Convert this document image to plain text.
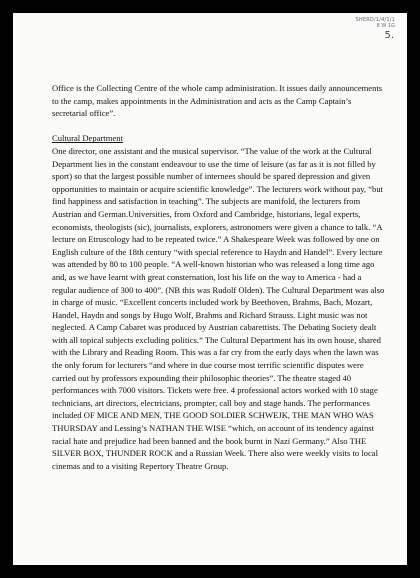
SHERD/1/4/1/1
8 W 1G
5.

Office is the Collecting Centre of the whole camp administration. It issues daily announcements to the camp, makes appointments in the Administration and acts as the Camp Captain’s secretarial office”.

Cultural Department

One director, one assistant and the musical supervisor. “The value of the work at the Cultural Department lies in the constant endeavour to use the time of leisure (as far as it is not filled by sport) so that the largest possible number of internees should be spared depression and given opportunities to maintain or acquire scientific knowledge”. The lecturers work without pay, “but find happiness and satisfaction in teaching”. The subjects are manifold, the lecturers from Austrian and German.Universities, from Oxford and Cambridge, historians, legal experts, economists, theologists (sic), journalists, explorers, astronomers were given a chance to talk. “A lecture on Etruscology had to be repeated twice.” A Shakespeare Week was followed by one on English culture of the 18th century “with special reference to Haydn and Handel”. Every lecture was attended by 80 to 100 people. “A well-known historian who was released a long time ago and, as we have learnt with great consternation, lost his life on the way to America - had a regular audience of 300 to 400”. (NB this was Rudolf Olden). The Cultural Department was also in charge of music. “Excellent concerts included work by Beethoven, Brahms, Bach, Mozart, Handel, Haydn and songs by Hugo Wolf, Brahms and Richard Strauss. Light music was not neglected. A Camp Cabaret was produced by Austrian cabarettists. The Debating Society dealt with all topical subjects excluding politics.” The Cultural Department has its own house, shared with the Library and Reading Room. This was a far cry from the early days when the lawn was the only forum for lecturers “and where in due course most terrific scientific disputes were carried out by professors expounding their philosophic theories”. The theatre staged 40 performances with 7000 visitors. Tickets were free. 4 professional actors worked with 10 stage technicians, art directors, electricians, prompter, call boy and stage hands. The performances included OF MICE AND MEN, THE GOOD SOLDIER SCHWEJK, THE MAN WHO WAS THURSDAY and Lessing’s NATHAN THE WISE “which, on account of its tendency against racial hate and prejudice had been banned and the book burnt in Nazi Germany.” Also THE SILVER BOX, THUNDER ROCK and a Russian Week. There also were weekly visits to local cinemas and to a visiting Repertory Theatre Group.
